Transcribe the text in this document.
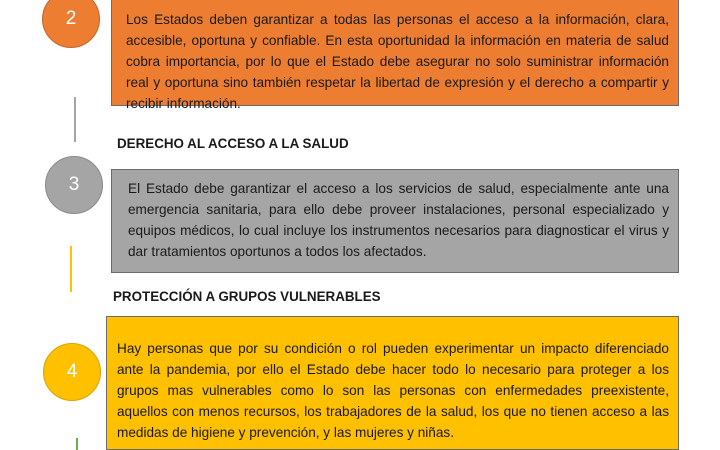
2	Los Estados deben garantizar a todas las personas el acceso a la información, clara, accesible, oportuna y confiable. En esta oportunidad la información en materia de salud cobra importancia, por lo que el Estado debe asegurar no solo suministrar información real y oportuna sino también respetar la libertad de expresión y el derecho a compartir y recibir información.
DERECHO AL ACCESO A LA SALUD
3	El Estado debe garantizar el acceso a los servicios de salud, especialmente ante una emergencia sanitaria, para ello debe proveer instalaciones, personal especializado y equipos médicos, lo cual incluye los instrumentos necesarios para diagnosticar el virus y dar tratamientos oportunos a todos los afectados.
PROTECCIÓN A GRUPOS VULNERABLES
Hay personas que por su condición o rol pueden experimentar un impacto diferenciado ante la pandemia, por ello el Estado debe hacer todo lo necesario para proteger a los grupos mas vulnerables como lo son las personas con enfermedades preexistente, aquellos con menos recursos, los trabajadores de la salud, los que no tienen acceso a las medidas de higiene y prevención, y las mujeres y niñas.
4
